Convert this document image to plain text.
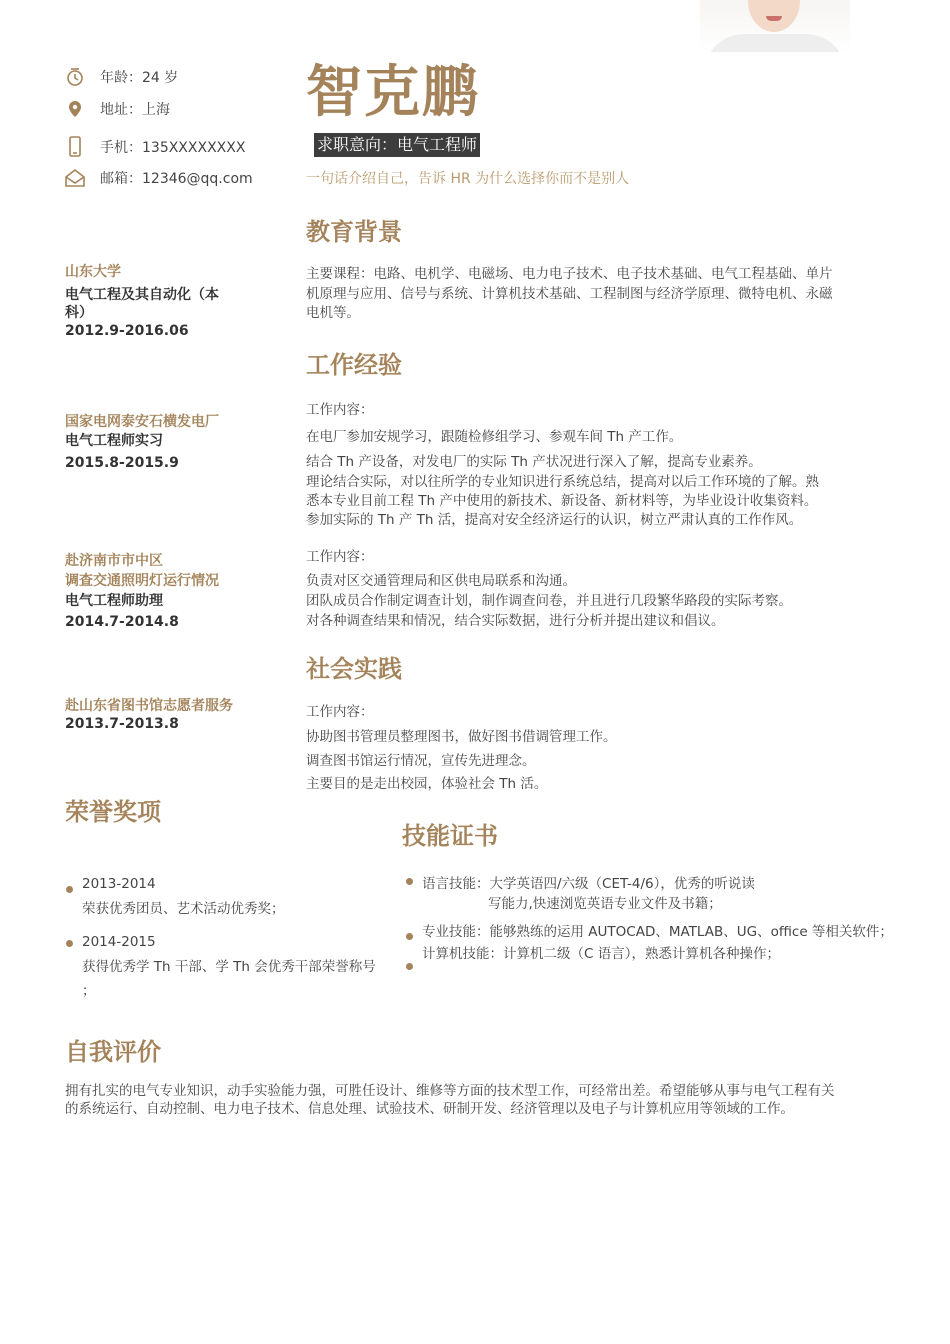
年龄：24 岁
地址：上海
手机：135XXXXXXXX
邮箱：12346@qq.com
智克鹏
求职意向：电气工程师
一句话介绍自己，告诉 HR 为什么选择你而不是别人
教育背景
山东大学
电气工程及其自动化（本
科）
2012.9-2016.06
主要课程：电路、电机学、电磁场、电力电子技术、电子技术基础、电气工程基础、单片
机原理与应用、信号与系统、计算机技术基础、工程制图与经济学原理、微特电机、永磁
电机等。
工作经验
国家电网泰安石横发电厂
电气工程师实习
2015.8-2015.9
工作内容：
在电厂参加安规学习，跟随检修组学习、参观车间 Th 产工作。
结合 Th 产设备，对发电厂的实际 Th 产状况进行深入了解，提高专业素养。
理论结合实际，对以往所学的专业知识进行系统总结，提高对以后工作环境的了解。熟
悉本专业目前工程 Th 产中使用的新技术、新设备、新材料等，为毕业设计收集资料。
参加实际的 Th 产 Th 活，提高对安全经济运行的认识，树立严肃认真的工作作风。
赴济南市市中区
调查交通照明灯运行情况
电气工程师助理
2014.7-2014.8
工作内容：
负责对区交通管理局和区供电局联系和沟通。
团队成员合作制定调查计划，制作调查问卷，并且进行几段繁华路段的实际考察。
对各种调查结果和情况，结合实际数据，进行分析并提出建议和倡议。
社会实践
赴山东省图书馆志愿者服务
2013.7-2013.8
工作内容：
协助图书管理员整理图书，做好图书借调管理工作。
调查图书馆运行情况，宣传先进理念。
主要目的是走出校园，体验社会 Th 活。
荣誉奖项
2013-2014
荣获优秀团员、艺术活动优秀奖；
2014-2015
获得优秀学 Th 干部、学 Th 会优秀干部荣誉称号
；
技能证书
语言技能：大学英语四/六级（CET-4/6），优秀的听说读
写能力,快速浏览英语专业文件及书籍；
专业技能：能够熟练的运用 AUTOCAD、MATLAB、UG、office 等相关软件；
计算机技能：计算机二级（C 语言），熟悉计算机各种操作；
自我评价
拥有扎实的电气专业知识，动手实验能力强，可胜任设计、维修等方面的技术型工作，可经常出差。希望能够从事与电气工程有关
的系统运行、自动控制、电力电子技术、信息处理、试验技术、研制开发、经济管理以及电子与计算机应用等领域的工作。
